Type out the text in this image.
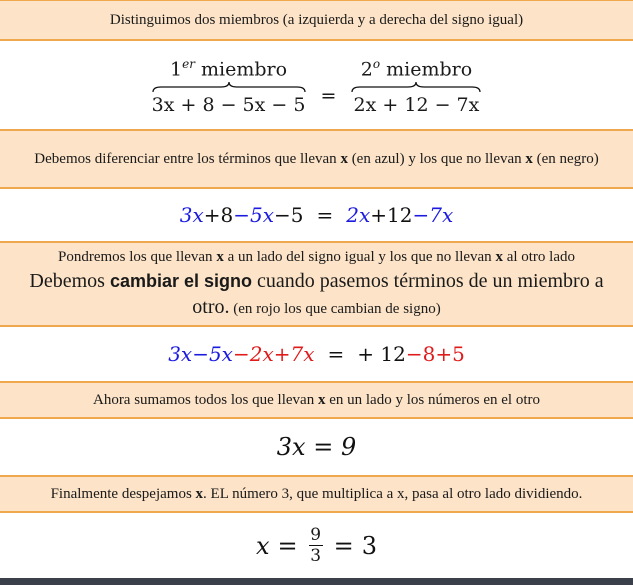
Distinguimos dos miembros (a izquierda y a derecha del signo igual)
1er miembro
3x + 8 − 5x − 5 =
$2^o$ miembro
2x + 12 − 7x
Debemos diferenciar entre los términos que llevan x (en azul) y los que no llevan x (en negro)
3x+8−5x−5 = 2x+12−7x
Pondremos los que llevan x a un lado del signo igual y los que no llevan x al otro lado
Debemos cambiar el signo cuando pasemos términos de un miembro a otro. (en rojo los que cambian de signo)
3x−5x−2x+7x = + 12−8+5
Ahora sumamos todos los que llevan x en un lado y los números en el otro
3x = 9
Finalmente despejamos x. EL número 3, que multiplica a x, pasa al otro lado dividiendo.
$x = \frac{9}{3} = 3$
